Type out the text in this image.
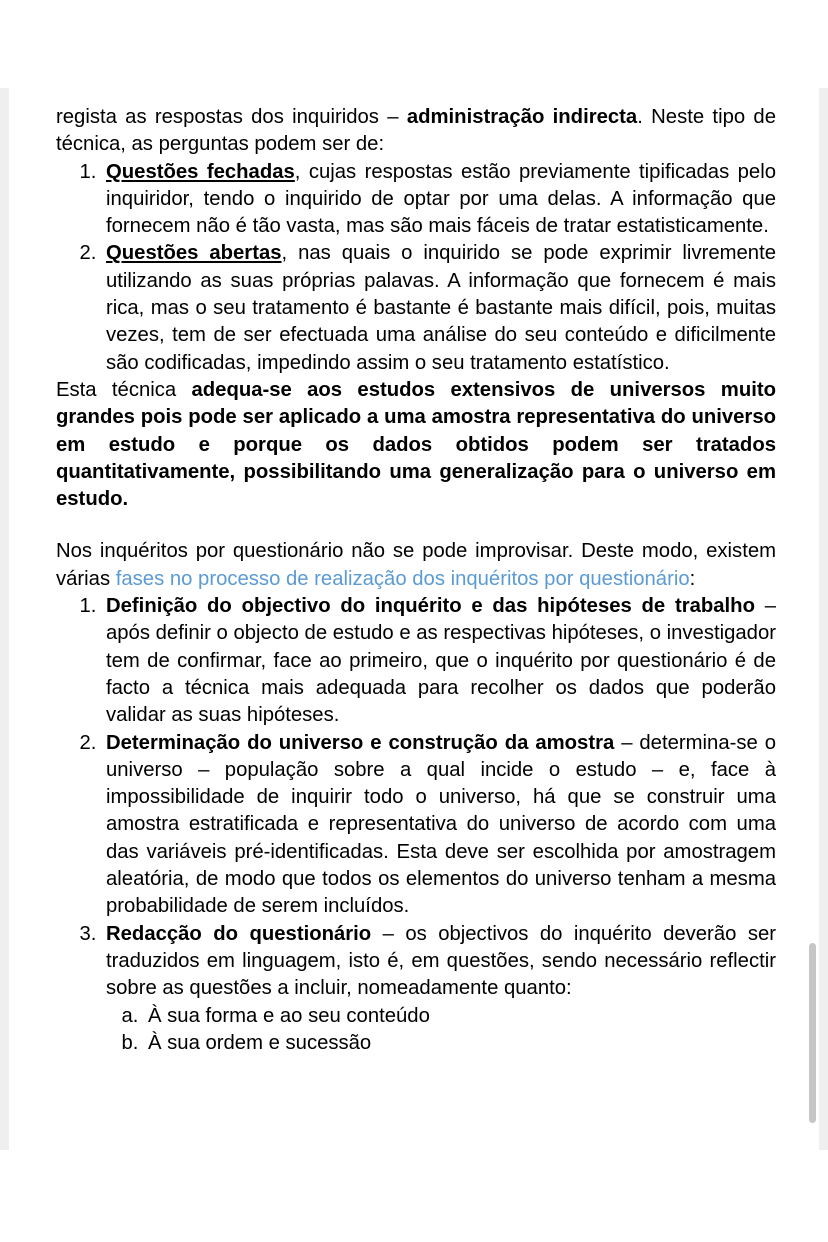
regista as respostas dos inquiridos – administração indirecta. Neste tipo de técnica, as perguntas podem ser de:

1. Questões fechadas, cujas respostas estão previamente tipificadas pelo inquiridor, tendo o inquirido de optar por uma delas. A informação que fornecem não é tão vasta, mas são mais fáceis de tratar estatisticamente.
2. Questões abertas, nas quais o inquirido se pode exprimir livremente utilizando as suas próprias palavas. A informação que fornecem é mais rica, mas o seu tratamento é bastante é bastante mais difícil, pois, muitas vezes, tem de ser efectuada uma análise do seu conteúdo e dificilmente são codificadas, impedindo assim o seu tratamento estatístico.

Esta técnica adequa-se aos estudos extensivos de universos muito grandes pois pode ser aplicado a uma amostra representativa do universo em estudo e porque os dados obtidos podem ser tratados quantitativamente, possibilitando uma generalização para o universo em estudo.

Nos inquéritos por questionário não se pode improvisar. Deste modo, existem várias fases no processo de realização dos inquéritos por questionário:

1. Definição do objectivo do inquérito e das hipóteses de trabalho – após definir o objecto de estudo e as respectivas hipóteses, o investigador tem de confirmar, face ao primeiro, que o inquérito por questionário é de facto a técnica mais adequada para recolher os dados que poderão validar as suas hipóteses.
2. Determinação do universo e construção da amostra – determina-se o universo – população sobre a qual incide o estudo – e, face à impossibilidade de inquirir todo o universo, há que se construir uma amostra estratificada e representativa do universo de acordo com uma das variáveis pré-identificadas. Esta deve ser escolhida por amostragem aleatória, de modo que todos os elementos do universo tenham a mesma probabilidade de serem incluídos.
3. Redacção do questionário – os objectivos do inquérito deverão ser traduzidos em linguagem, isto é, em questões, sendo necessário reflectir sobre as questões a incluir, nomeadamente quanto:
a. À sua forma e ao seu conteúdo
b. À sua ordem e sucessão
